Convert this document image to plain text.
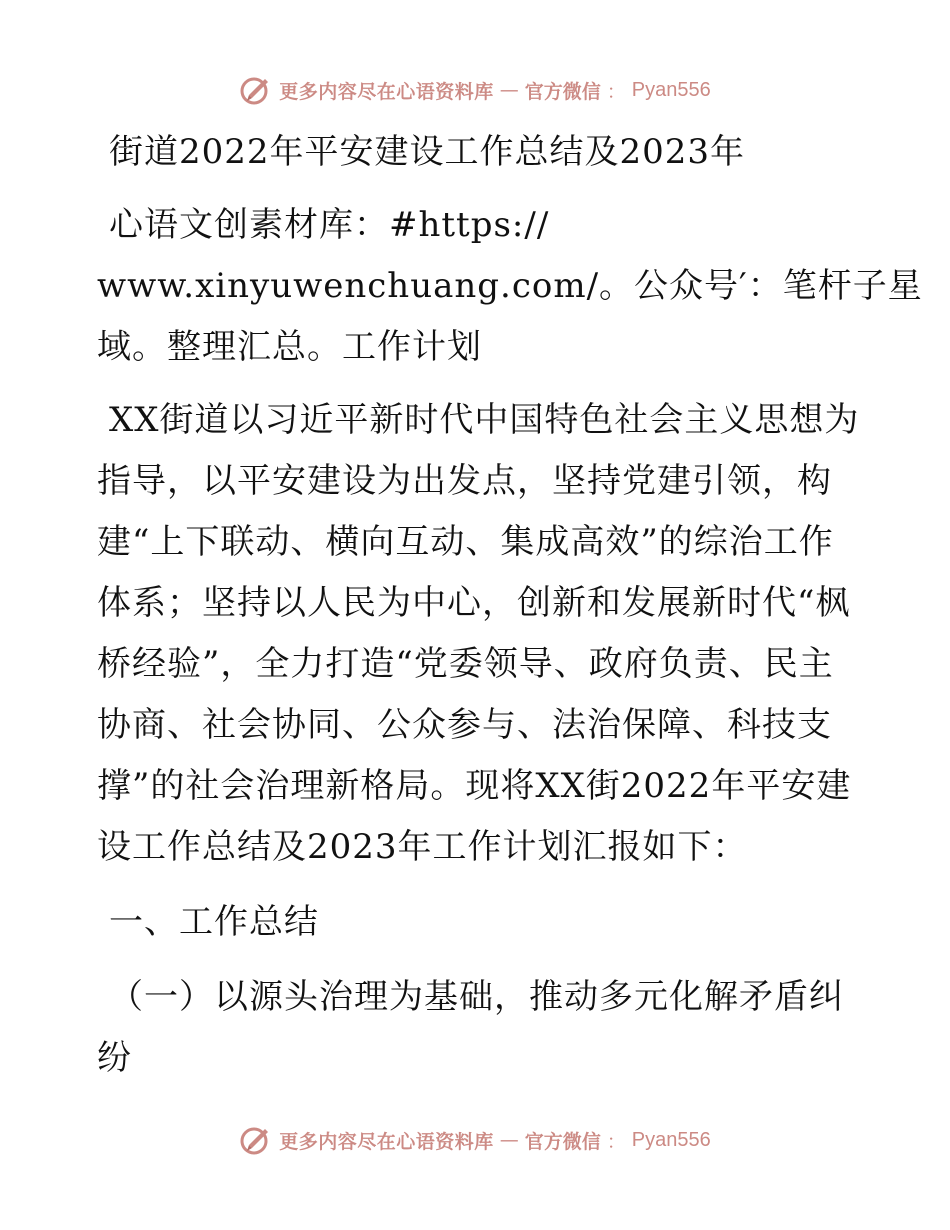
更多内容尽在心语资料库 — 官方微信 ： Pyan556
街道2022年平安建设工作总结及2023年
心语文创素材库：#https://
www.xinyuwenchuang.com/。公众号′：笔杆子星
域。整理汇总。工作计划
XX街道以习近平新时代中国特色社会主义思想为
指导，以平安建设为出发点，坚持党建引领，构
建“上下联动、横向互动、集成高效”的综治工作
体系；坚持以人民为中心，创新和发展新时代“枫
桥经验”，全力打造“党委领导、政府负责、民主
协商、社会协同、公众参与、法治保障、科技支
撑”的社会治理新格局。现将XX街2022年平安建
设工作总结及2023年工作计划汇报如下：
一、工作总结
（一）以源头治理为基础，推动多元化解矛盾纠
纷
更多内容尽在心语资料库 — 官方微信 ： Pyan556
